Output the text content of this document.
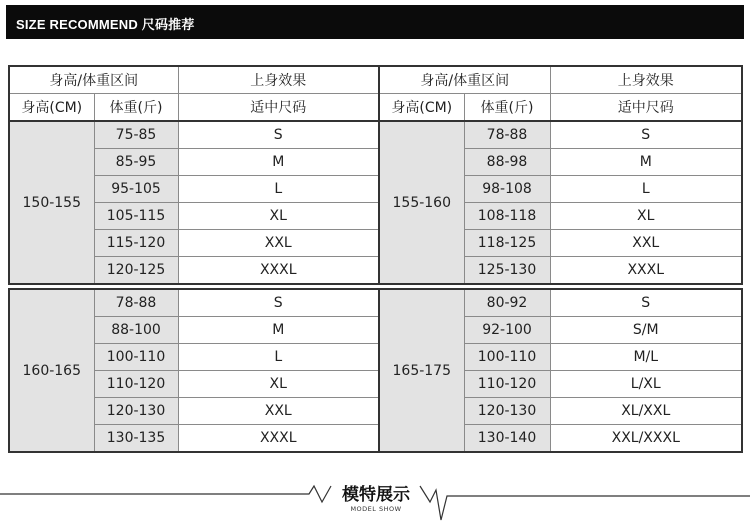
SIZE RECOMMEND 尺码推荐
身高/体重区间		上身效果	身高/体重区间		上身效果
身高(CM)	体重(斤)	适中尺码	身高(CM)	体重(斤)	适中尺码
150-155	75-85	S	155-160	78-88	S
	85-95	M		88-98	M
	95-105	L		98-108	L
	105-115	XL		108-118	XL
	115-120	XXL		118-125	XXL
	120-125	XXXL		125-130	XXXL
160-165	78-88	S	165-175	80-92	S
	88-100	M		92-100	S/M
	100-110	L		100-110	M/L
	110-120	XL		110-120	L/XL
	120-130	XXL		120-130	XL/XXL
	130-135	XXXL		130-140	XXL/XXXL
模特展示
MODEL SHOW
